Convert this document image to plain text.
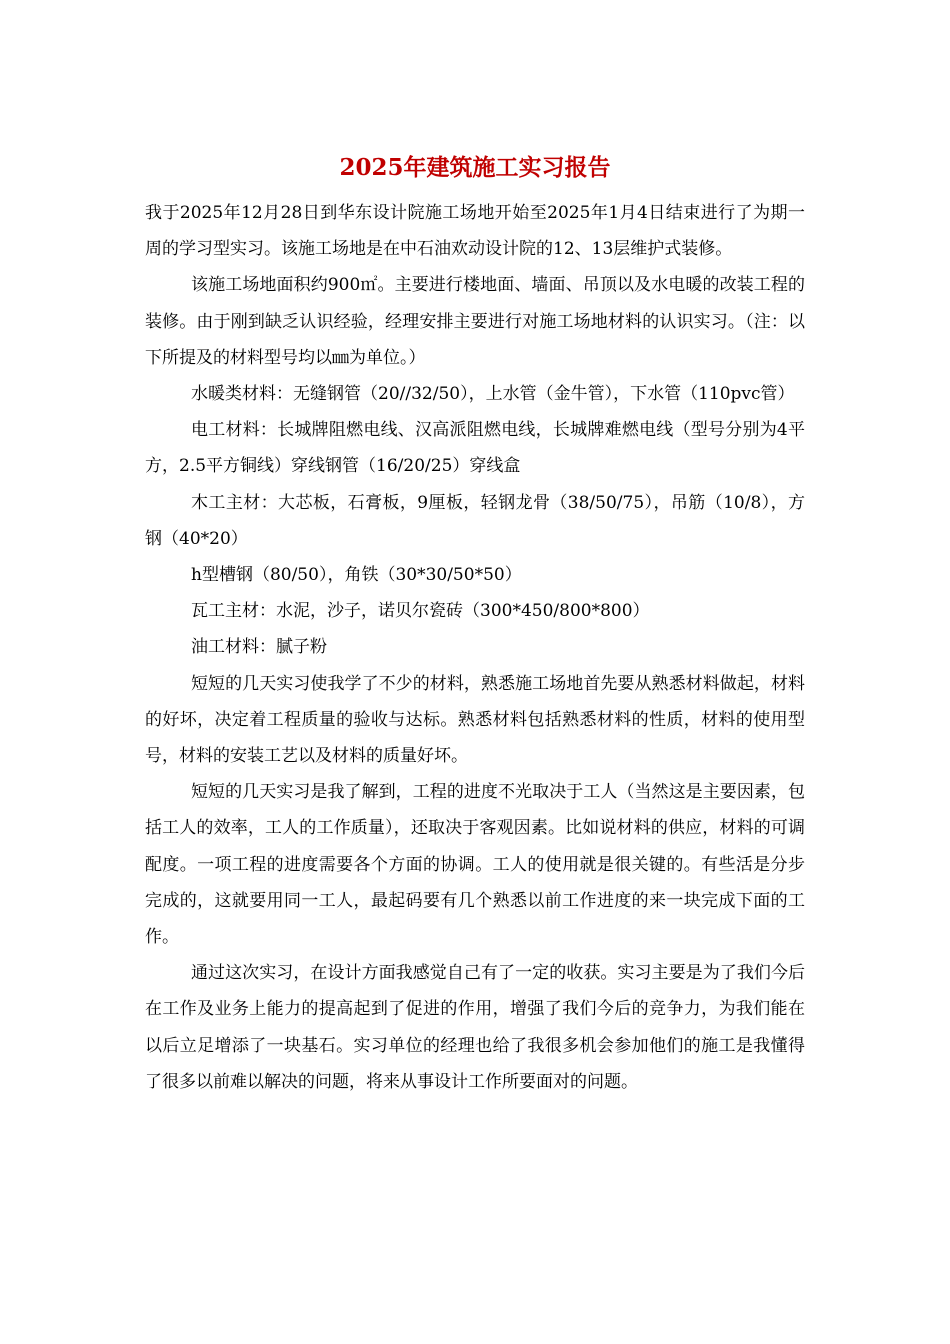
2025年建筑施工实习报告

我于2025年12月28日到华东设计院施工场地开始至2025年1月4日结束进行了为期一周的学习型实习。该施工场地是在中石油欢动设计院的12、13层维护式装修。

该施工场地面积约900㎡。主要进行楼地面、墙面、吊顶以及水电暖的改装工程的装修。由于刚到缺乏认识经验，经理安排主要进行对施工场地材料的认识实习。（注：以下所提及的材料型号均以㎜为单位。）

水暖类材料：无缝钢管（20//32/50），上水管（金牛管），下水管（110pvc管）

电工材料：长城牌阻燃电线、汉高派阻燃电线，长城牌难燃电线（型号分别为4平方，2.5平方铜线）穿线钢管（16/20/25）穿线盒

木工主材：大芯板，石膏板，9厘板，轻钢龙骨（38/50/75），吊筋（10/8），方钢（40*20）

h型槽钢（80/50），角铁（30*30/50*50）

瓦工主材：水泥，沙子，诺贝尔瓷砖（300*450/800*800）

油工材料：腻子粉

短短的几天实习使我学了不少的材料，熟悉施工场地首先要从熟悉材料做起，材料的好坏，决定着工程质量的验收与达标。熟悉材料包括熟悉材料的性质，材料的使用型号，材料的安装工艺以及材料的质量好坏。

短短的几天实习是我了解到，工程的进度不光取决于工人（当然这是主要因素，包括工人的效率，工人的工作质量），还取决于客观因素。比如说材料的供应，材料的可调配度。一项工程的进度需要各个方面的协调。工人的使用就是很关键的。有些活是分步完成的，这就要用同一工人，最起码要有几个熟悉以前工作进度的来一块完成下面的工作。

通过这次实习，在设计方面我感觉自己有了一定的收获。实习主要是为了我们今后在工作及业务上能力的提高起到了促进的作用，增强了我们今后的竞争力，为我们能在以后立足增添了一块基石。实习单位的经理也给了我很多机会参加他们的施工是我懂得了很多以前难以解决的问题，将来从事设计工作所要面对的问题。
